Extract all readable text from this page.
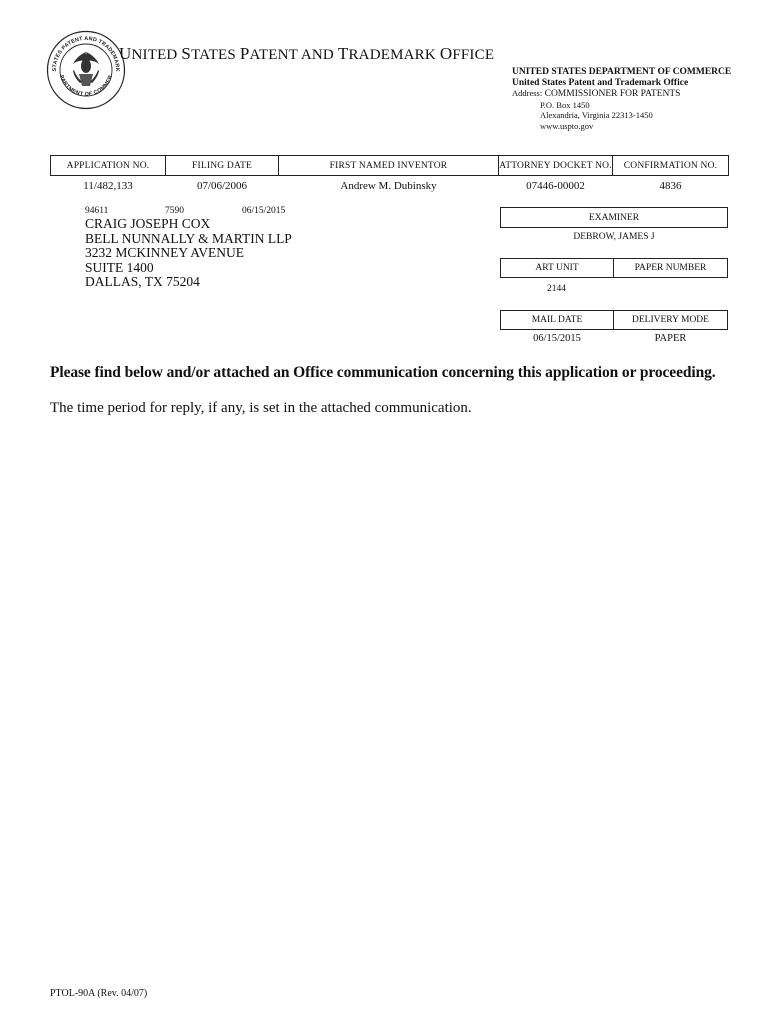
STATES PATENT AND TRADEMARK
PARTMENT OF COMMER
UNITED STATES PATENT AND TRADEMARK OFFICE
UNITED STATES DEPARTMENT OF COMMERCE
United States Patent and Trademark Office
Address: COMMISSIONER FOR PATENTS
P.O. Box 1450
Alexandria, Virginia 22313-1450
www.uspto.gov
APPLICATION NO.	FILING DATE	FIRST NAMED INVENTOR	ATTORNEY DOCKET NO.	CONFIRMATION NO.
11/482,133	07/06/2006	Andrew M. Dubinsky	07446-00002	4836
94611	7590	06/15/2015
CRAIG JOSEPH COX
BELL NUNNALLY & MARTIN LLP
3232 MCKINNEY AVENUE
SUITE 1400
DALLAS, TX 75204
EXAMINER
DEBROW, JAMES J
ART UNIT	PAPER NUMBER
2144
MAIL DATE	DELIVERY MODE
06/15/2015	PAPER
Please find below and/or attached an Office communication concerning this application or proceeding.
The time period for reply, if any, is set in the attached communication.
PTOL-90A (Rev. 04/07)
